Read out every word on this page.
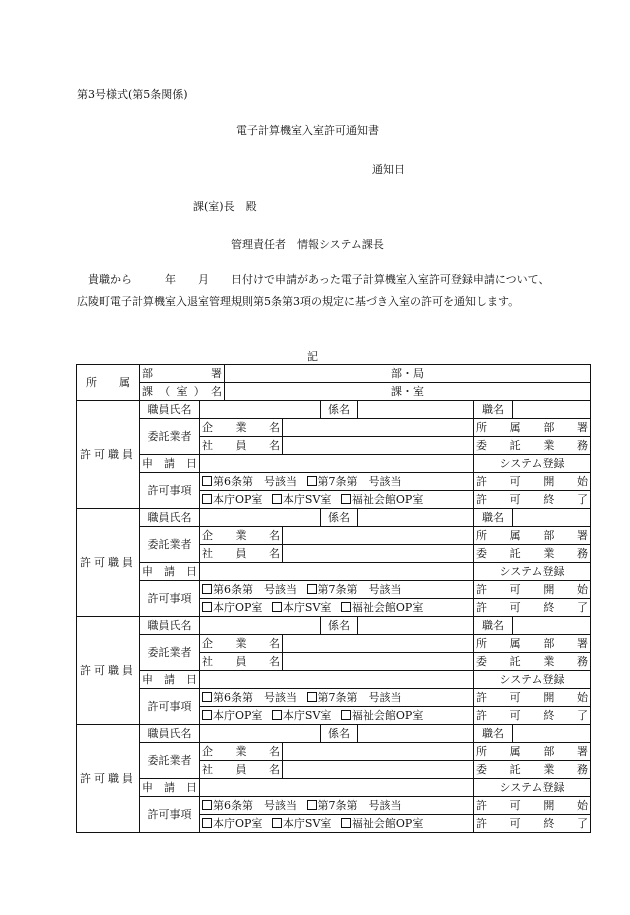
第3号様式(第5条関係)
電子計算機室入室許可通知書
通知日
課(室)長　殿
管理責任者　情報システム課長
貴職から　　　年　　月　　日付けで申請があった電子計算機室入室許可登録申請について、広陵町電子計算機室入退室管理規則第5条第3項の規定に基づき入室の許可を通知します。
記
所　　属	部　　　署		部・局						
	課（室）名		課・室						
許可職員	職員氏名				係名		職名		
	委託業者	企　業　名					所属部署		
		社　員　名					委託業務		
	申　請　日						システム登録		
	許可事項	第6条第　号該当 第7条第　号該当					許可開始		
		本庁OP室 本庁SV室 福祉会館OP室					許可終了		
許可職員	職員氏名				係名		職名		
	委託業者	企　業　名					所属部署		
		社　員　名					委託業務		
	申　請　日						システム登録		
	許可事項	第6条第　号該当 第7条第　号該当					許可開始		
		本庁OP室 本庁SV室 福祉会館OP室					許可終了		
許可職員	職員氏名				係名		職名		
	委託業者	企　業　名					所属部署		
		社　員　名					委託業務		
	申　請　日						システム登録		
	許可事項	第6条第　号該当 第7条第　号該当					許可開始		
		本庁OP室 本庁SV室 福祉会館OP室					許可終了		
許可職員	職員氏名				係名		職名		
	委託業者	企　業　名					所属部署		
		社　員　名					委託業務		
	申　請　日						システム登録		
	許可事項	第6条第　号該当 第7条第　号該当					許可開始		
		本庁OP室 本庁SV室 福祉会館OP室					許可終了		
